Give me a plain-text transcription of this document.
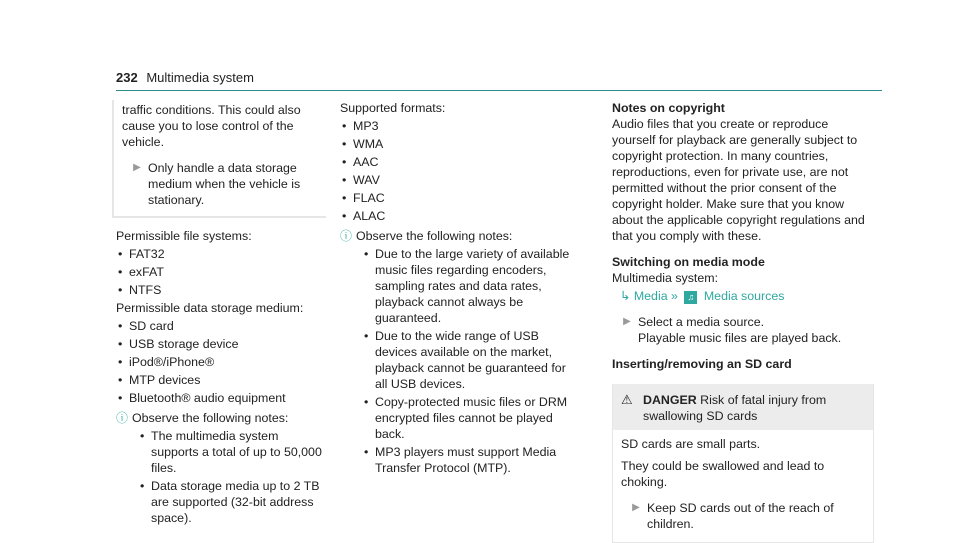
232 Multimedia system
traffic conditions. This could also cause you to lose control of the vehicle.
▶ Only handle a data storage medium when the vehicle is stationary.
Permissible file systems:
• FAT32
• exFAT
• NTFS
Permissible data storage medium:
• SD card
• USB storage device
• iPod®/iPhone®
• MTP devices
• Bluetooth® audio equipment
ⓘ Observe the following notes:
• The multimedia system supports a total of up to 50,000 files.
• Data storage media up to 2 TB are supported (32-bit address space).
Supported formats:
• MP3
• WMA
• AAC
• WAV
• FLAC
• ALAC
ⓘ Observe the following notes:
• Due to the large variety of available music files regarding encoders, sampling rates and data rates, playback cannot always be guaranteed.
• Due to the wide range of USB devices available on the market, playback cannot be guaranteed for all USB devices.
• Copy-protected music files or DRM encrypted files cannot be played back.
• MP3 players must support Media Transfer Protocol (MTP).
Notes on copyright
Audio files that you create or reproduce yourself for playback are generally subject to copyright protection. In many countries, reproductions, even for private use, are not permitted without the prior consent of the copyright holder. Make sure that you know about the applicable copyright regulations and that you comply with these.
Switching on media mode
Multimedia system:
↳ Media » ♫ Media sources
▶ Select a media source.
Playable music files are played back.
Inserting/removing an SD card
⚠ DANGER Risk of fatal injury from swallowing SD cards

SD cards are small parts.

They could be swallowed and lead to choking.

▶ Keep SD cards out of the reach of children.
